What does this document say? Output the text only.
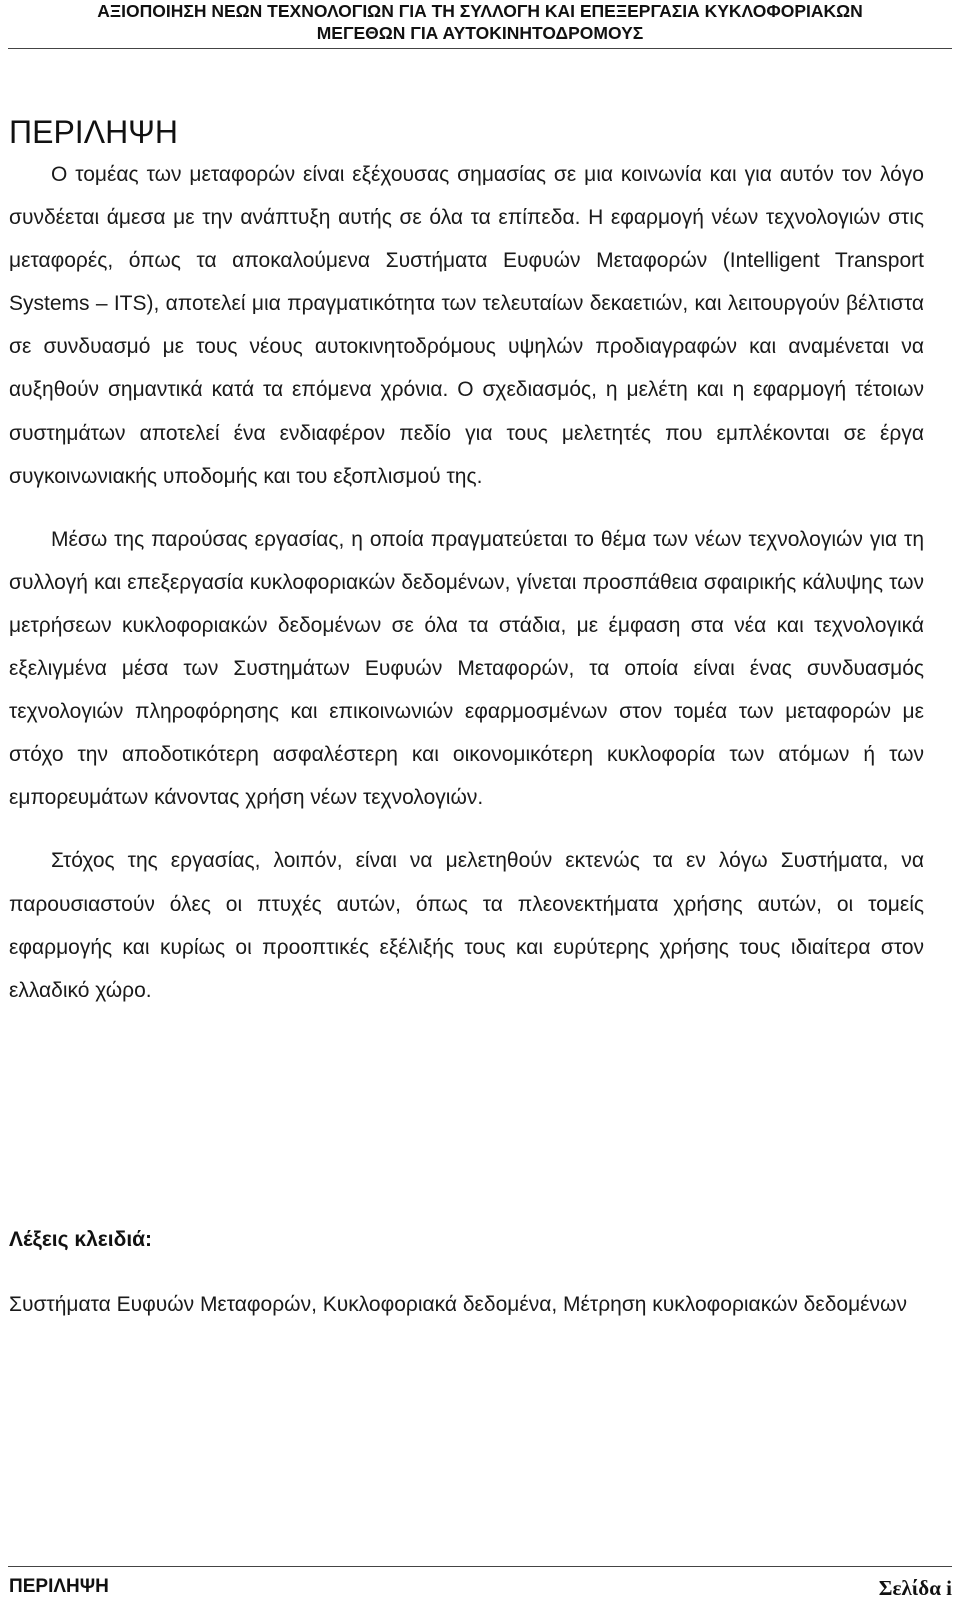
ΑΞΙΟΠΟΙΗΣΗ ΝΕΩΝ ΤΕΧΝΟΛΟΓΙΩΝ ΓΙΑ ΤΗ ΣΥΛΛΟΓΗ ΚΑΙ ΕΠΕΞΕΡΓΑΣΙΑ ΚΥΚΛΟΦΟΡΙΑΚΩΝ
ΜΕΓΕΘΩΝ ΓΙΑ ΑΥΤΟΚΙΝΗΤΟΔΡΟΜΟΥΣ
ΠΕΡΙΛΗΨΗ

Ο τομέας των μεταφορών είναι εξέχουσας σημασίας σε μια κοινωνία και για αυτόν τον λόγο συνδέεται άμεσα με την ανάπτυξη αυτής σε όλα τα επίπεδα. Η εφαρμογή νέων τεχνολογιών στις μεταφορές, όπως τα αποκαλούμενα Συστήματα Ευφυών Μεταφορών (Intelligent Transport Systems – ITS), αποτελεί μια πραγματικότητα των τελευταίων δεκαετιών, και λειτουργούν βέλτιστα σε συνδυασμό με τους νέους αυτοκινητοδρόμους υψηλών προδιαγραφών και αναμένεται να αυξηθούν σημαντικά κατά τα επόμενα χρόνια. Ο σχεδιασμός, η μελέτη και η εφαρμογή τέτοιων συστημάτων αποτελεί ένα ενδιαφέρον πεδίο για τους μελετητές που εμπλέκονται σε έργα συγκοινωνιακής υποδομής και του εξοπλισμού της.

Μέσω της παρούσας εργασίας, η οποία πραγματεύεται το θέμα των νέων τεχνολογιών για τη συλλογή και επεξεργασία κυκλοφοριακών δεδομένων, γίνεται προσπάθεια σφαιρικής κάλυψης των μετρήσεων κυκλοφοριακών δεδομένων σε όλα τα στάδια, με έμφαση στα νέα και τεχνολογικά εξελιγμένα μέσα των Συστημάτων Ευφυών Μεταφορών, τα οποία είναι ένας συνδυασμός τεχνολογιών πληροφόρησης και επικοινωνιών εφαρμοσμένων στον τομέα των μεταφορών με στόχο την αποδοτικότερη ασφαλέστερη και οικονομικότερη κυκλοφορία των ατόμων ή των εμπορευμάτων κάνοντας χρήση νέων τεχνολογιών.

Στόχος της εργασίας, λοιπόν, είναι να μελετηθούν εκτενώς τα εν λόγω Συστήματα, να παρουσιαστούν όλες οι πτυχές αυτών, όπως τα πλεονεκτήματα χρήσης αυτών, οι τομείς εφαρμογής και κυρίως οι προοπτικές εξέλιξής τους και ευρύτερης χρήσης τους ιδιαίτερα στον ελλαδικό χώρο.

Λέξεις κλειδιά:

Συστήματα Ευφυών Μεταφορών, Κυκλοφοριακά δεδομένα, Μέτρηση κυκλοφοριακών δεδομένων

ΠΕΡΙΛΗΨΗ	Σελίδα i
